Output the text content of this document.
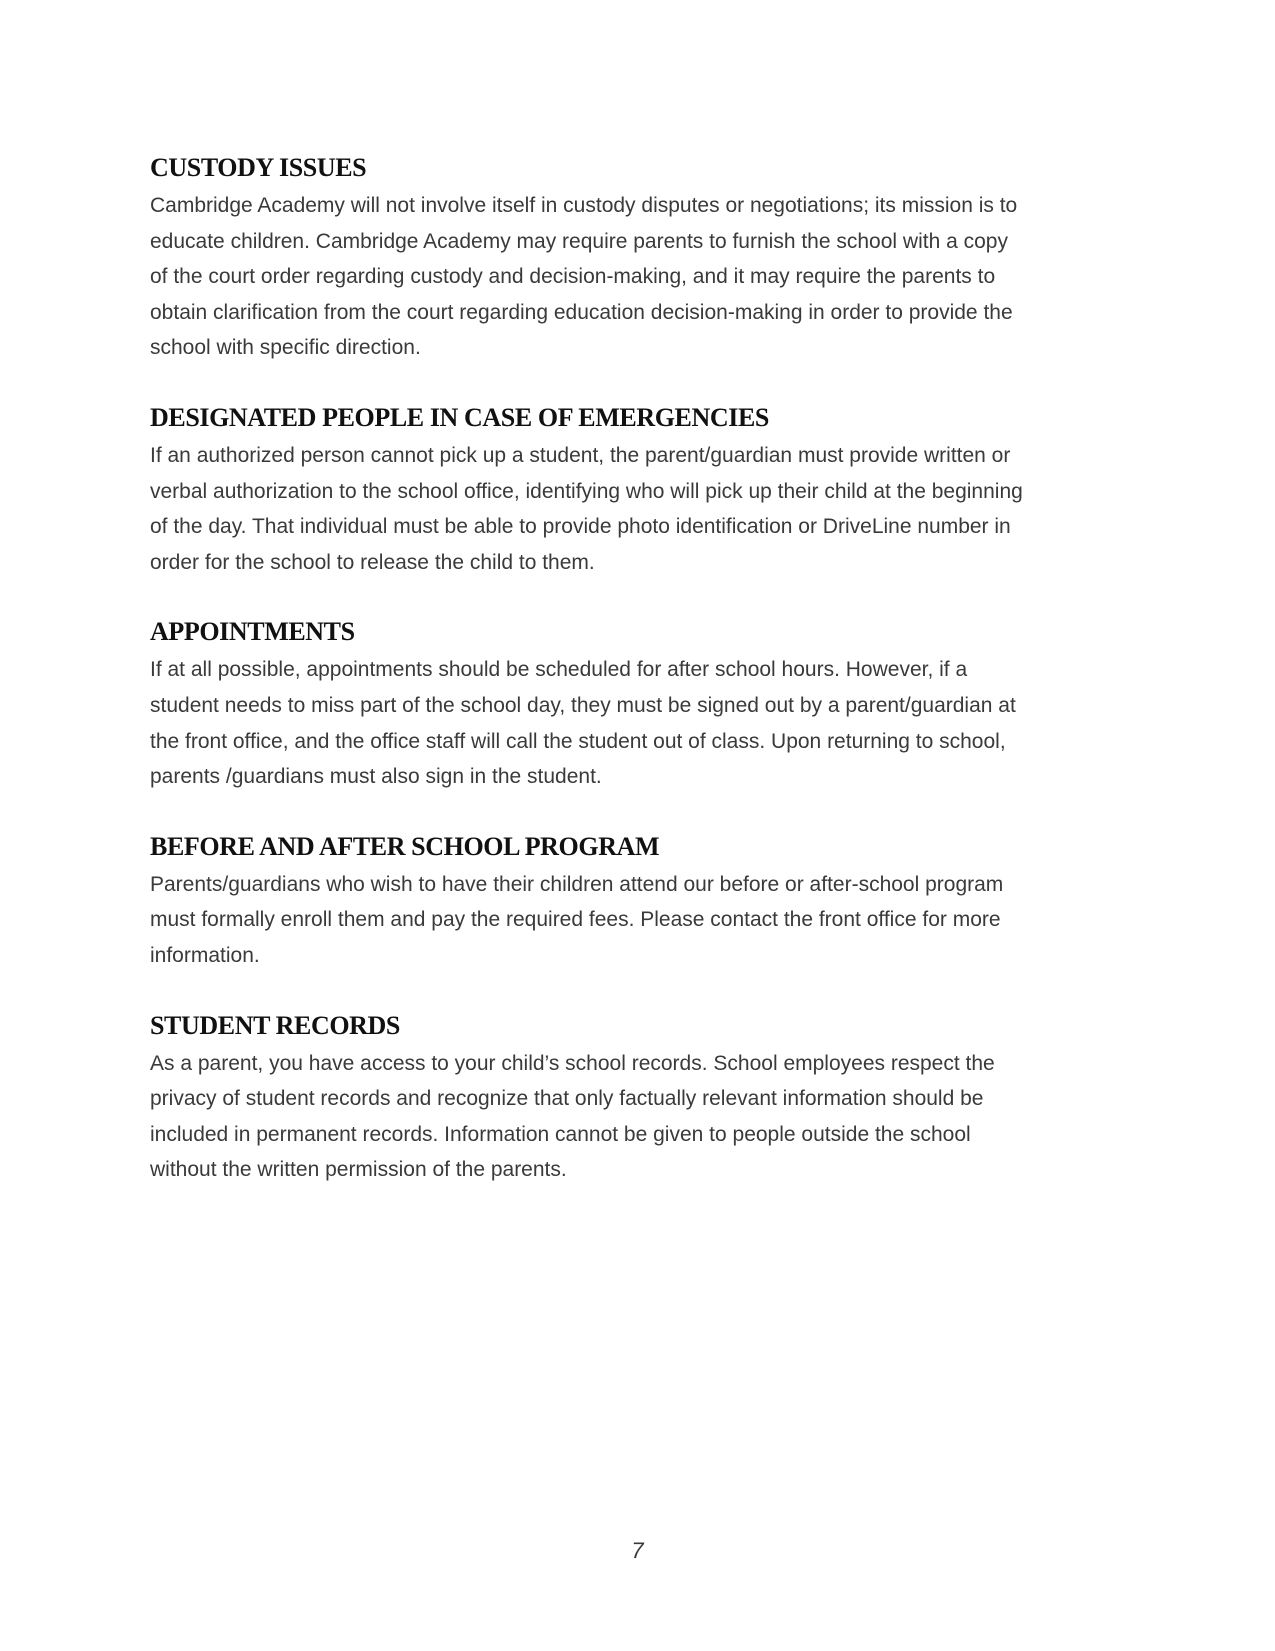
CUSTODY ISSUES

Cambridge Academy will not involve itself in custody disputes or negotiations; its mission is to
educate children. Cambridge Academy may require parents to furnish the school with a copy
of the court order regarding custody and decision-making, and it may require the parents to
obtain clarification from the court regarding education decision-making in order to provide the
school with specific direction.

DESIGNATED PEOPLE IN CASE OF EMERGENCIES

If an authorized person cannot pick up a student, the parent/guardian must provide written or
verbal authorization to the school office, identifying who will pick up their child at the beginning
of the day. That individual must be able to provide photo identification or DriveLine number in
order for the school to release the child to them.

APPOINTMENTS

If at all possible, appointments should be scheduled for after school hours. However, if a
student needs to miss part of the school day, they must be signed out by a parent/guardian at
the front office, and the office staff will call the student out of class. Upon returning to school,
parents /guardians must also sign in the student.

BEFORE AND AFTER SCHOOL PROGRAM

Parents/guardians who wish to have their children attend our before or after-school program
must formally enroll them and pay the required fees. Please contact the front office for more
information.

STUDENT RECORDS

As a parent, you have access to your child’s school records. School employees respect the
privacy of student records and recognize that only factually relevant information should be
included in permanent records. Information cannot be given to people outside the school
without the written permission of the parents.

7
